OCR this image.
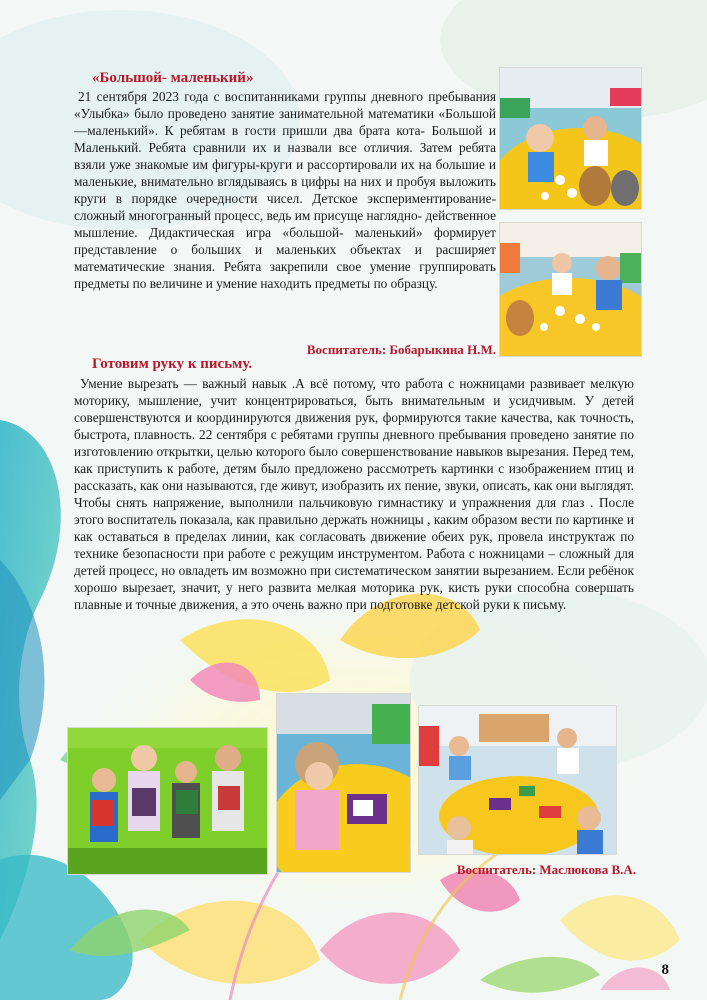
«Большой- маленький»

21 сентября 2023 года с воспитанниками группы дневного пребывания «Улыбка» было проведено занятие занимательной математики «Большой—маленький». К ребятам в гости пришли два брата кота- Большой и Маленький. Ребята сравнили их и назвали все отличия. Затем ребята взяли уже знакомые им фигуры-круги и рассортировали их на большие и маленькие, внимательно вглядываясь в цифры на них и пробуя выложить круги в порядке очередности чисел. Детское экспериментирование- сложный многогранный процесс, ведь им присуще наглядно- действенное мышление. Дидактическая игра «большой- маленький» формирует представление о больших и маленьких объектах и расширяет математические знания. Ребята закрепили свое умение группировать предметы по величине и умение находить предметы по образцу.

Воспитатель: Бобарыкина Н.М.

Готовим руку к письму.

Умение вырезать — важный навык .А всё потому, что работа с ножницами развивает мелкую моторику, мышление, учит концентрироваться, быть внимательным и усидчивым. У детей совершенствуются и координируются движения рук, формируются такие качества, как точность, быстрота, плавность. 22 сентября с ребятами группы дневного пребывания проведено занятие по изготовлению открытки, целью которого было совершенствование навыков вырезания. Перед тем, как приступить к работе, детям было предложено рассмотреть картинки с изображением птиц и рассказать, как они называются, где живут, изобразить их пение, звуки, описать, как они выглядят. Чтобы снять напряжение, выполнили пальчиковую гимнастику и упражнения для глаз . После этого воспитатель показала, как правильно держать ножницы , каким образом вести по картинке и как оставаться в пределах линии, как согласовать движение обеих рук, провела инструктаж по технике безопасности при работе с режущим инструментом. Работа с ножницами – сложный для детей процесс, но овладеть им возможно при систематическом занятии вырезанием. Если ребёнок хорошо вырезает, значит, у него развита мелкая моторика рук, кисть руки способна совершать плавные и точные движения, а это очень важно при подготовке детской руки к письму.

Воспитатель: Маслюкова В.А.

8
